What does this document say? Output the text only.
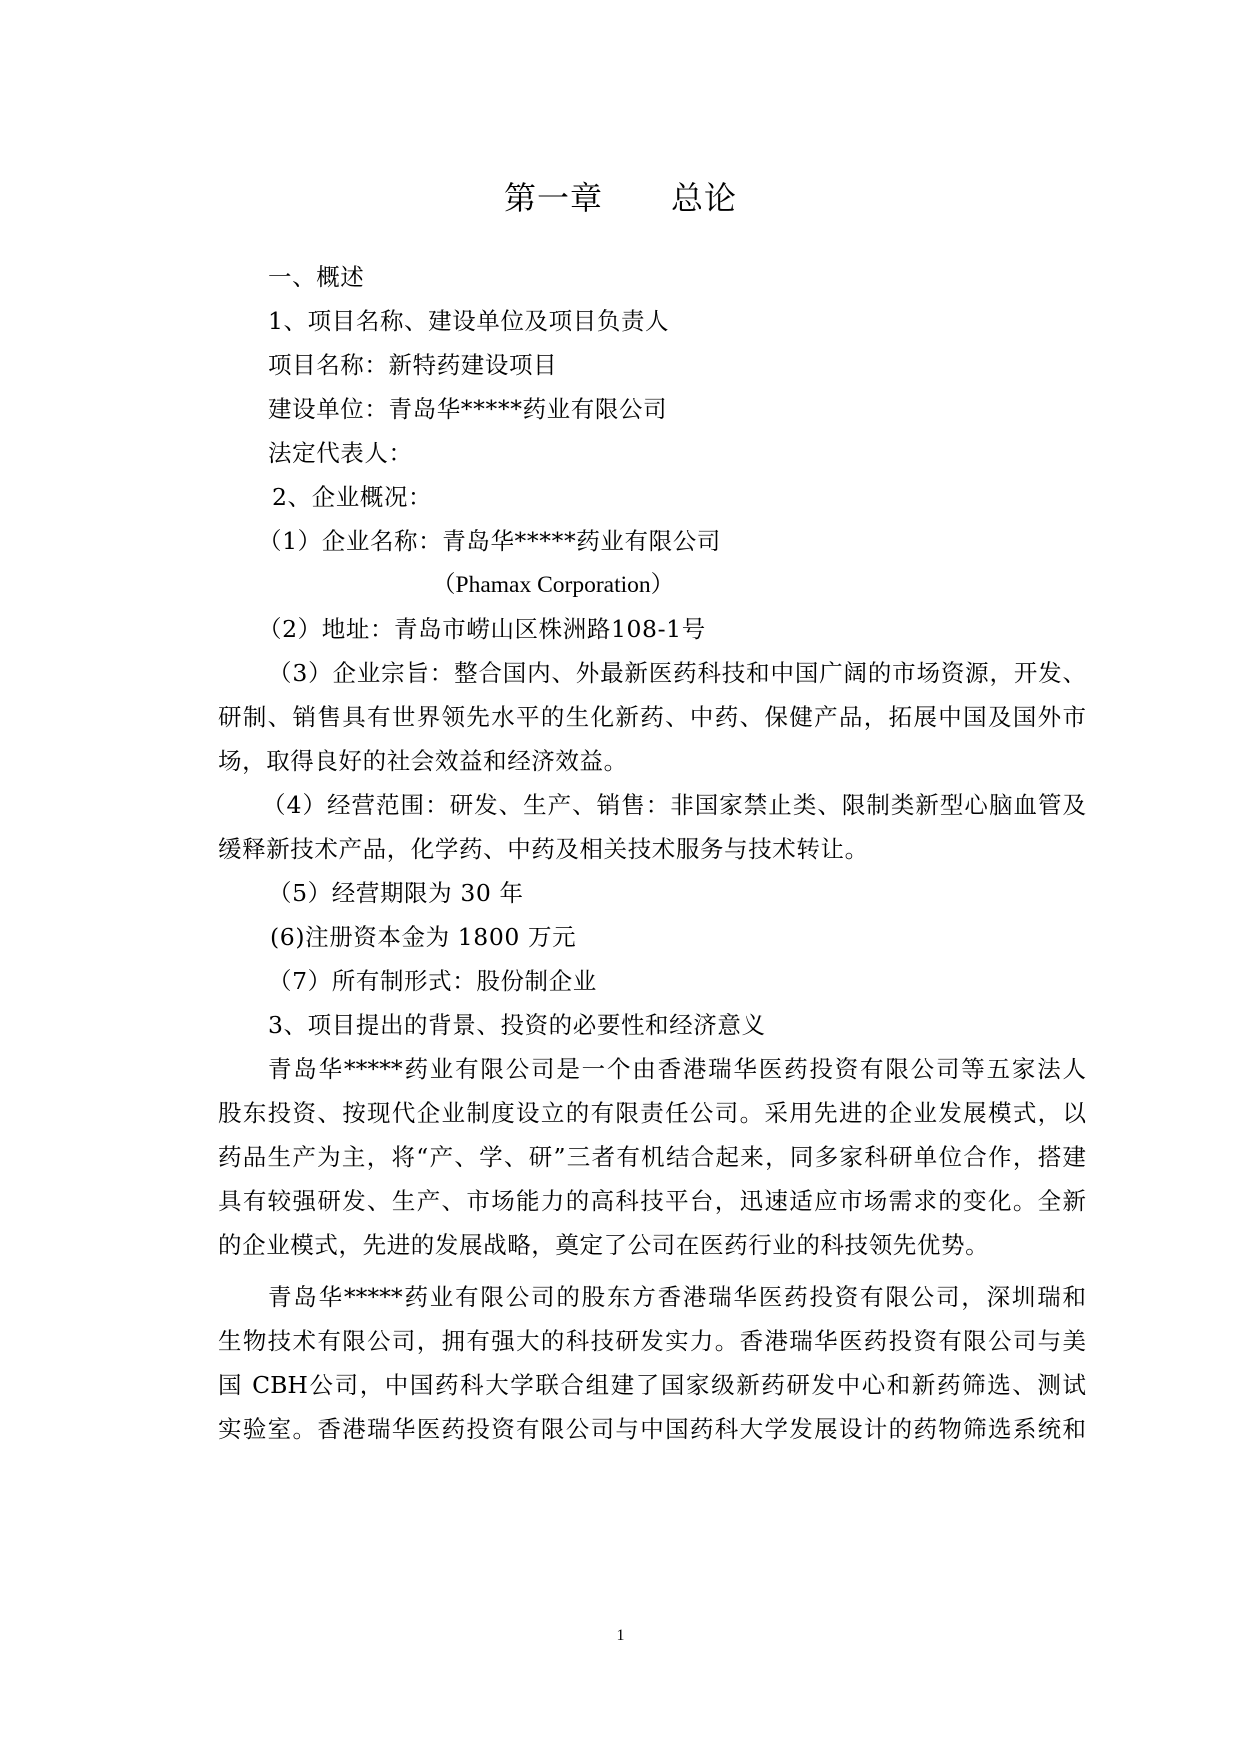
第一章 总论
一、概述
1、项目名称、建设单位及项目负责人
项目名称：新特药建设项目
建设单位：青岛华*****药业有限公司
法定代表人：
2、企业概况：
（1）企业名称：青岛华*****药业有限公司
（Phamax Corporation）
（2）地址：青岛市崂山区株洲路108-1号
（3）企业宗旨：整合国内、外最新医药科技和中国广阔的市场资源，开发、
研制、销售具有世界领先水平的生化新药、中药、保健产品，拓展中国及国外市
场，取得良好的社会效益和经济效益。
（4）经营范围：研发、生产、销售：非国家禁止类、限制类新型心脑血管及
缓释新技术产品，化学药、中药及相关技术服务与技术转让。
（5）经营期限为 30 年
(6)注册资本金为 1800 万元
（7）所有制形式：股份制企业
3、项目提出的背景、投资的必要性和经济意义
青岛华*****药业有限公司是一个由香港瑞华医药投资有限公司等五家法人
股东投资、按现代企业制度设立的有限责任公司。采用先进的企业发展模式，以
药品生产为主，将“产、学、研”三者有机结合起来，同多家科研单位合作，搭建
具有较强研发、生产、市场能力的高科技平台，迅速适应市场需求的变化。全新
的企业模式，先进的发展战略，奠定了公司在医药行业的科技领先优势。
青岛华*****药业有限公司的股东方香港瑞华医药投资有限公司，深圳瑞和
生物技术有限公司，拥有强大的科技研发实力。香港瑞华医药投资有限公司与美
国 CBH公司，中国药科大学联合组建了国家级新药研发中心和新药筛选、测试
实验室。香港瑞华医药投资有限公司与中国药科大学发展设计的药物筛选系统和
1
